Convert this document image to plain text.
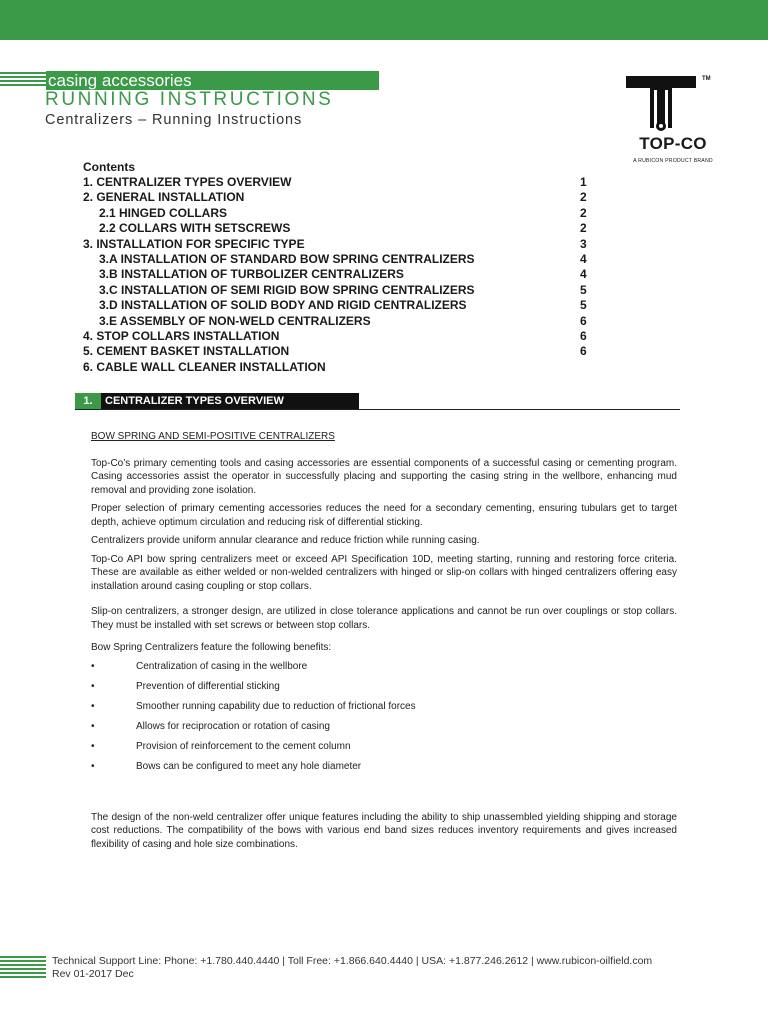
casing accessories
RUNNING INSTRUCTIONS
Centralizers – Running Instructions
TM
TOP-CO
A RUBICON PRODUCT BRAND
Contents
1. CENTRALIZER TYPES OVERVIEW	1
2. GENERAL INSTALLATION	2
2.1 HINGED COLLARS	2
2.2 COLLARS WITH SETSCREWS	2
3. INSTALLATION FOR SPECIFIC TYPE	3
3.A INSTALLATION OF STANDARD BOW SPRING CENTRALIZERS	4
3.B INSTALLATION OF TURBOLIZER CENTRALIZERS	4
3.C INSTALLATION OF SEMI RIGID BOW SPRING CENTRALIZERS	5
3.D INSTALLATION OF SOLID BODY AND RIGID CENTRALIZERS	5
3.E ASSEMBLY OF NON-WELD CENTRALIZERS	6
4. STOP COLLARS INSTALLATION	6
5. CEMENT BASKET INSTALLATION	6
6. CABLE WALL CLEANER INSTALLATION
1. CENTRALIZER TYPES OVERVIEW
BOW SPRING AND SEMI-POSITIVE CENTRALIZERS

Top-Co’s primary cementing tools and casing accessories are essential components of a successful casing or cementing program. Casing accessories assist the operator in successfully placing and supporting the casing string in the wellbore, enhancing mud removal and providing zone isolation.

Proper selection of primary cementing accessories reduces the need for a secondary cementing, ensuring tubulars get to target depth, achieve optimum circulation and reducing risk of differential sticking.

Centralizers provide uniform annular clearance and reduce friction while running casing.

Top-Co API bow spring centralizers meet or exceed API Specification 10D, meeting starting, running and restoring force criteria. These are available as either welded or non-welded centralizers with hinged or slip-on collars with hinged centralizers offering easy installation around casing coupling or stop collars.

Slip-on centralizers, a stronger design, are utilized in close tolerance applications and cannot be run over couplings or stop collars. They must be installed with set screws or between stop collars.

Bow Spring Centralizers feature the following benefits:

•	Centralization of casing in the wellbore
•	Prevention of differential sticking
•	Smoother running capability due to reduction of frictional forces
•	Allows for reciprocation or rotation of casing
•	Provision of reinforcement to the cement column
•	Bows can be configured to meet any hole diameter

The design of the non-weld centralizer offer unique features including the ability to ship unassembled yielding shipping and storage cost reductions. The compatibility of the bows with various end band sizes reduces inventory requirements and gives increased flexibility of casing and hole size combinations.

Technical Support Line: Phone: +1.780.440.4440 | Toll Free: +1.866.640.4440 | USA: +1.877.246.2612 | www.rubicon-oilfield.com
Rev 01-2017 Dec
